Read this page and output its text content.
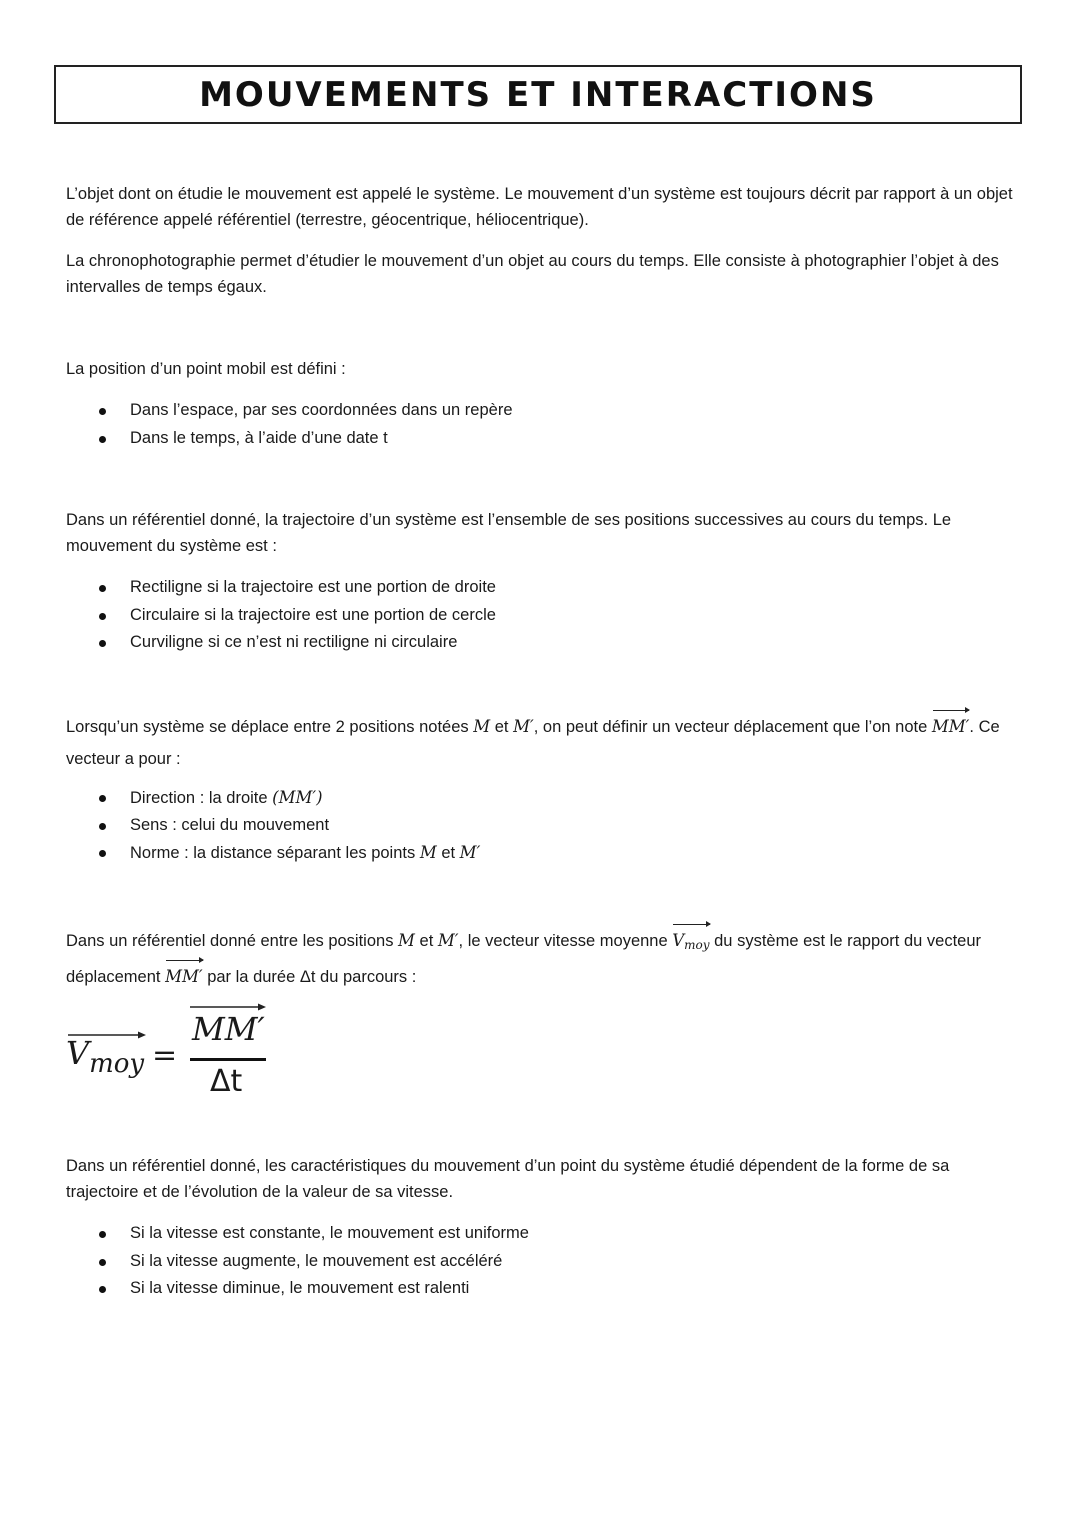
MOUVEMENTS ET INTERACTIONS

L’objet dont on étudie le mouvement est appelé le système. Le mouvement d’un système est toujours décrit par rapport à un objet de référence appelé référentiel (terrestre, géocentrique, héliocentrique).

La chronophotographie permet d’étudier le mouvement d’un objet au cours du temps. Elle consiste à photographier l’objet à des intervalles de temps égaux.

La position d’un point mobil est défini :

Dans l’espace, par ses coordonnées dans un repère
Dans le temps, à l’aide d’une date t

Dans un référentiel donné, la trajectoire d’un système est l’ensemble de ses positions successives au cours du temps. Le mouvement du système est :

Rectiligne si la trajectoire est une portion de droite
Circulaire si la trajectoire est une portion de cercle
Curviligne si ce n’est ni rectiligne ni circulaire

Lorsqu’un système se déplace entre 2 positions notées M et M′, on peut définir un vecteur déplacement que l’on note MM′. Ce vecteur a pour :

Direction : la droite (MM′)
Sens : celui du mouvement
Norme : la distance séparant les points M et M′

Dans un référentiel donné entre les positions M et M′, le vecteur vitesse moyenne $V_{moy}$ du système est le rapport du vecteur déplacement MM′ par la durée Δt du parcours :

$V_{moy}$ =
MM′
Δt

Dans un référentiel donné, les caractéristiques du mouvement d’un point du système étudié dépendent de la forme de sa trajectoire et de l’évolution de la valeur de sa vitesse.

Si la vitesse est constante, le mouvement est uniforme
Si la vitesse augmente, le mouvement est accéléré
Si la vitesse diminue, le mouvement est ralenti
